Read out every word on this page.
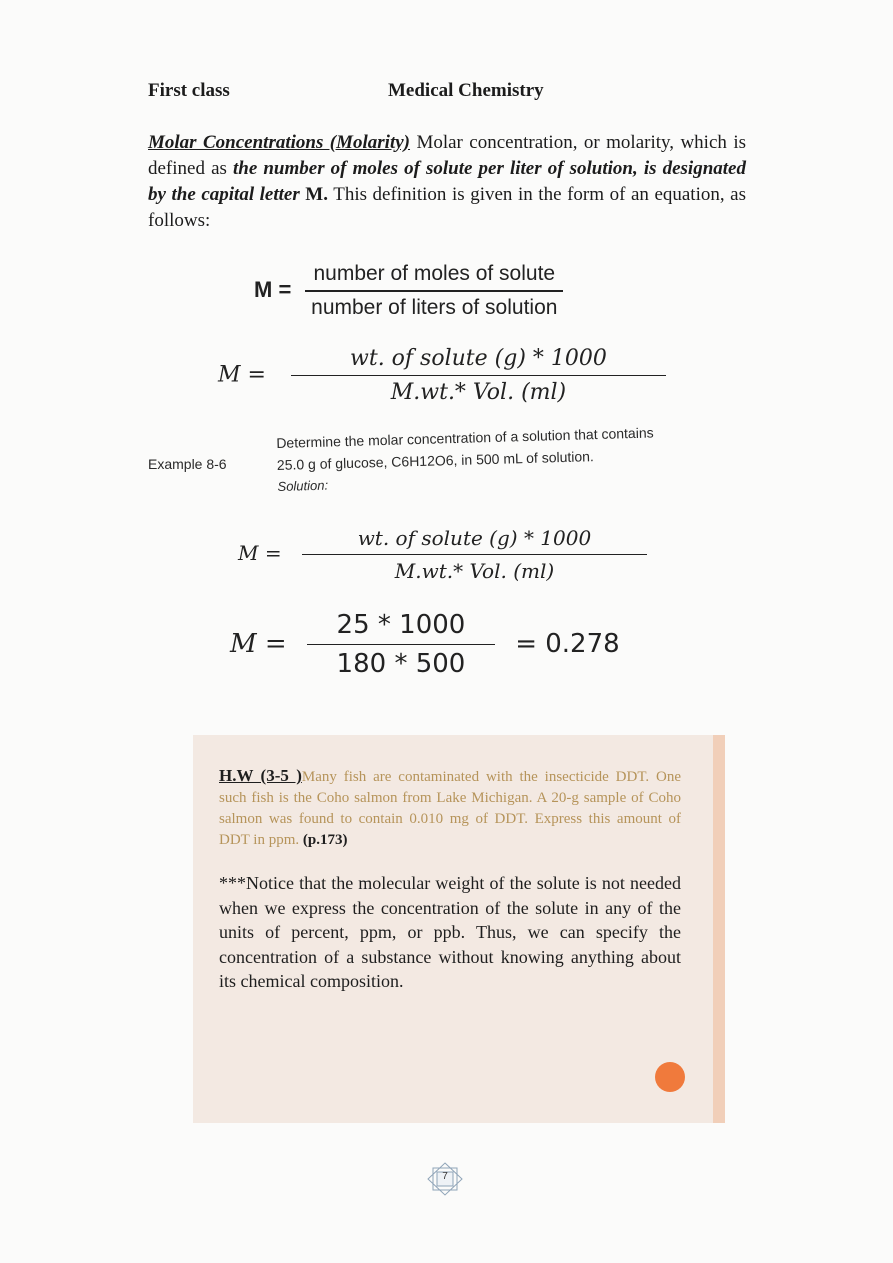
First class	Medical Chemistry
Molar Concentrations (Molarity) Molar concentration, or molarity, which is defined as the number of moles of solute per liter of solution, is designated by the capital letter M. This definition is given in the form of an equation, as follows:
$M = \frac{\text{number of moles of solute}}{\text{number of liters of solution}}$
$M = \frac{\text{wt. of solute (g) * 1000}}{\text{M.wt.* Vol. (ml)}}$
Example 8-6
Determine the molar concentration of a solution that contains
25.0 g of glucose, C6H12O6, in 500 mL of solution.
Solution:
$M = \frac{\text{wt. of solute (g) * 1000}}{\text{M.wt.* Vol. (ml)}}$
$M = \frac{25 * 1000}{180 * 500} = 0.278$
H.W (3-5 )Many fish are contaminated with the insecticide DDT. One such fish is the Coho salmon from Lake Michigan. A 20-g sample of Coho salmon was found to contain 0.010 mg of DDT. Express this amount of DDT in ppm. (p.173)
***Notice that the molecular weight of the solute is not needed when we express the concentration of the solute in any of the units of percent, ppm, or ppb. Thus, we can specify the concentration of a substance without knowing anything about its chemical composition.
7
